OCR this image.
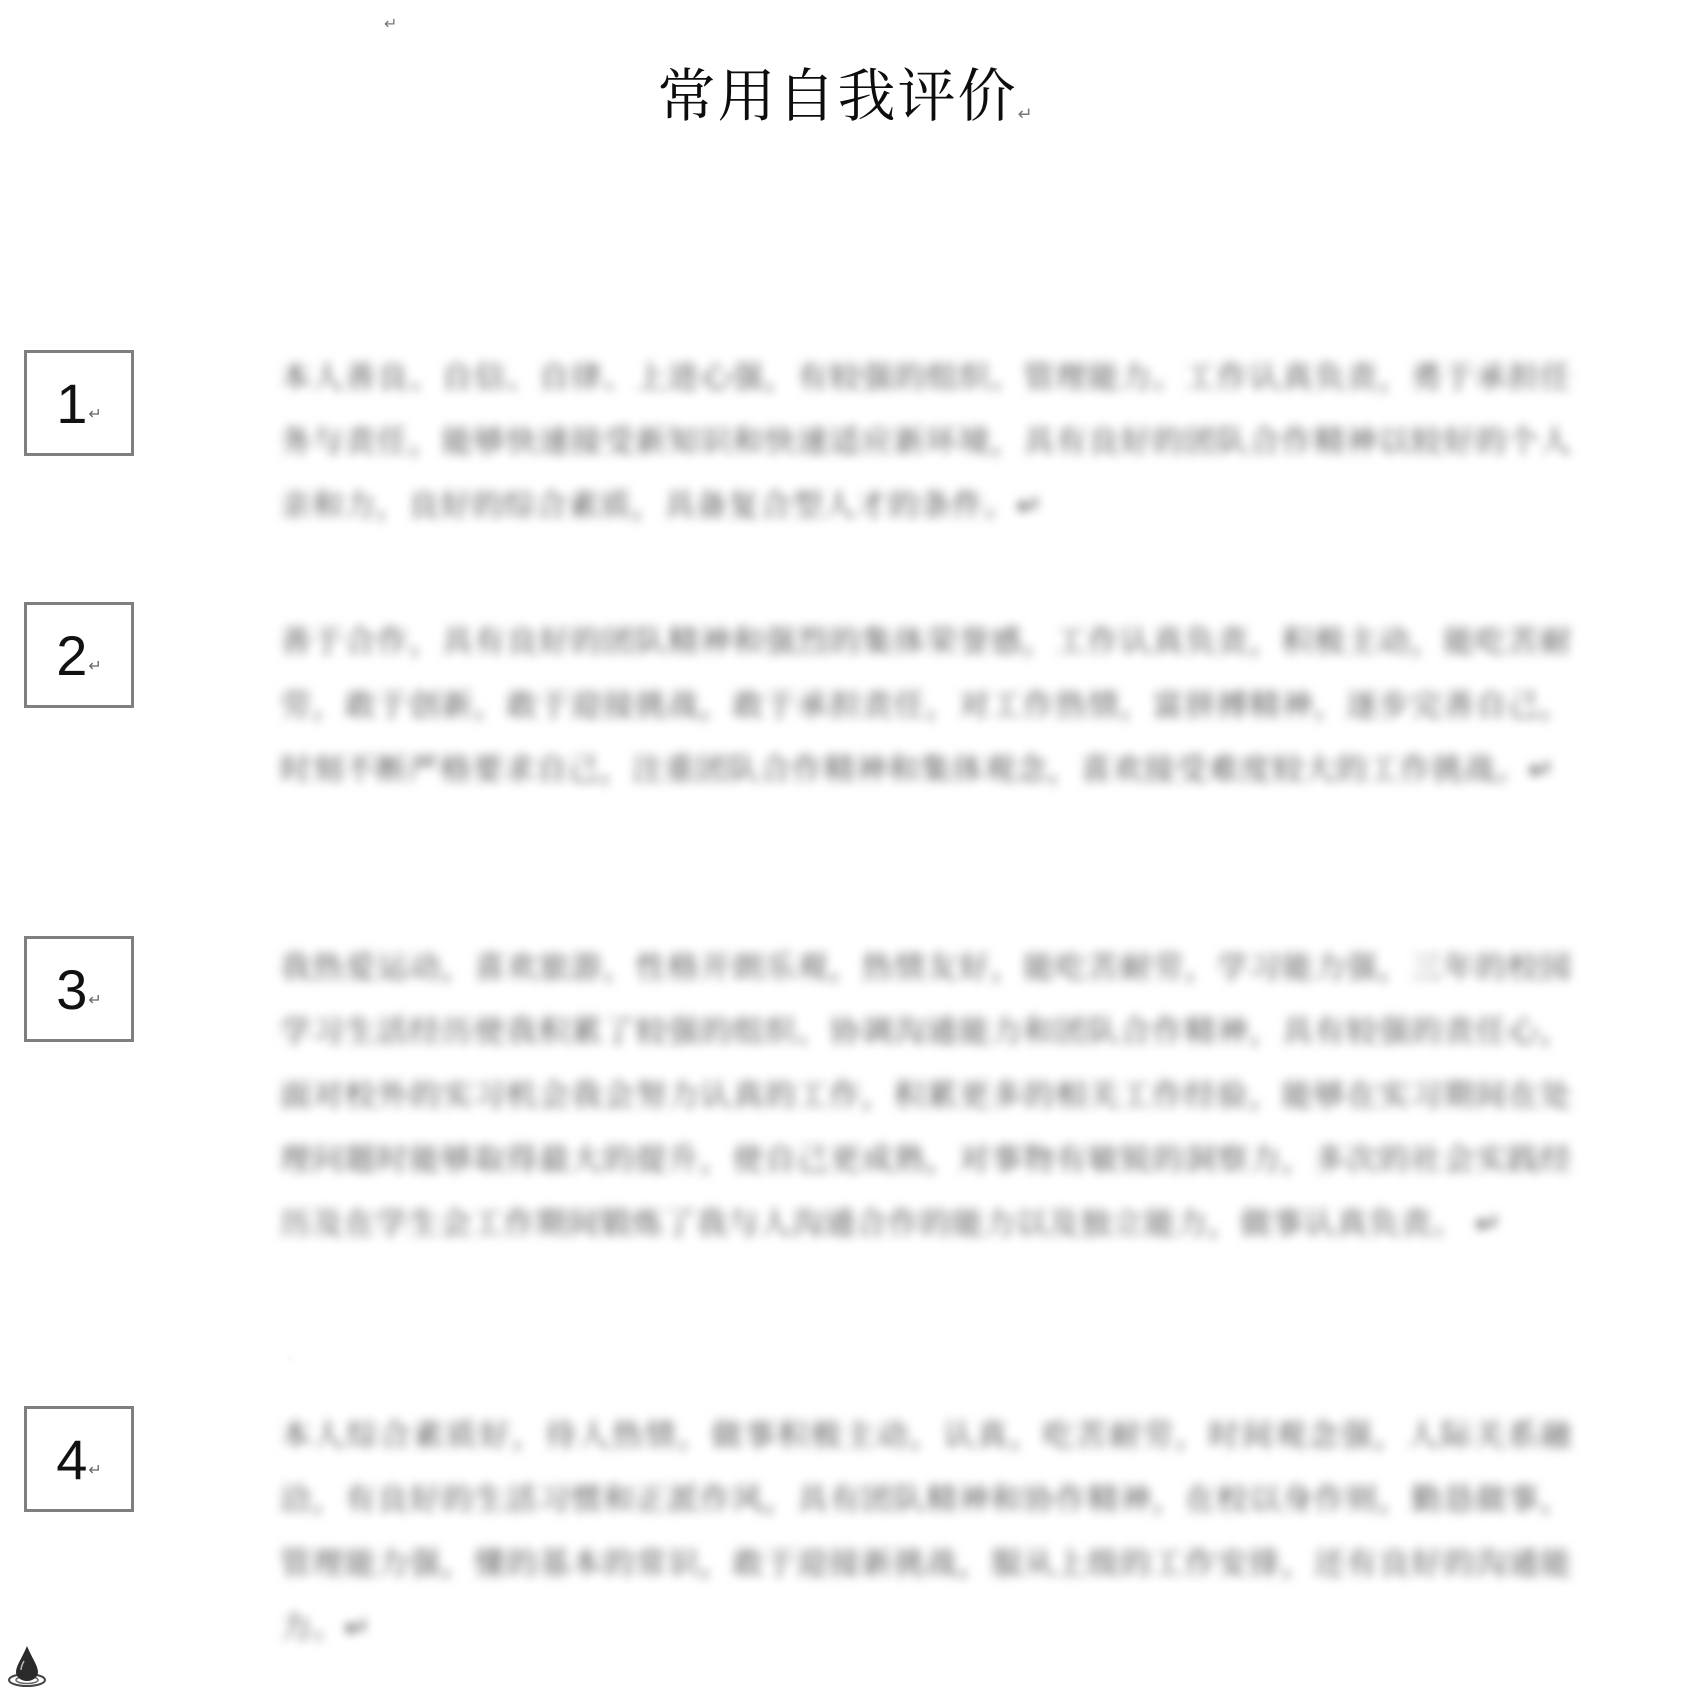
↵
常用自我评价↵
1 ↵
本人善良、自信、自律、上进心强，有较强的组织、管理能力。工作认真负责，勇于承担任务与责任，能够快速接受新知识和快速适应新环境，具有良好的团队合作精神以较好的个人亲和力，良好的综合素质，具备复合型人才的条件。↵
2 ↵
善于合作，具有良好的团队精神和强烈的集体荣誉感，工作认真负责，积极主动，能吃苦耐劳，敢于创新，敢于迎接挑战，敢于承担责任，对工作热情，富拼搏精神，逐步完善自己，时刻不断严格要求自己，注重团队合作精神和集体观念，喜欢接受难度较大的工作挑战。↵
3 ↵
我热爱运动，喜欢旅游，性格开朗乐观，热情友好，能吃苦耐劳，学习能力强，三年的校园学习生活经历使我积累了较强的组织、协调沟通能力和团队合作精神，具有较强的责任心，面对校外的实习机会我会努力认真的工作，积累更多的相关工作经验，能够在实习期间在处理问题时能够取得最大的提升，使自己更成熟，对事物有敏锐的洞察力，多次的社会实践经历及在学生会工作期间锻炼了我与人沟通合作的能力以及独立能力，做事认真负责。 ↵
.
4 ↵
本人综合素质好，待人热情，做事积极主动，认真，吃苦耐劳，时间观念强，人际关系融洽，有良好的生活习惯和正派作风，具有团队精神和协作精神，在校以身作则，勤恳做事，管理能力强，懂的基本的常识，敢于迎接新挑战，服从上级的工作安排，还有良好的沟通能力。↵
